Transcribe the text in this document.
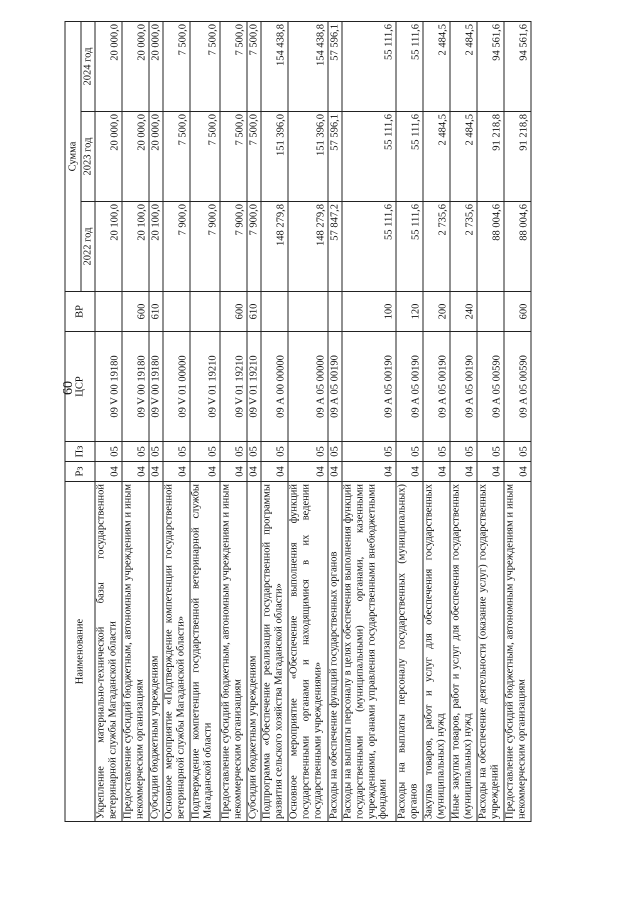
60
Наименование	Рз	Пз	ЦСР	ВР	Сумма		
					2022 год	2023 год	2024 год
Укрепление материально-технической базы государственной ветеринарной службы Магаданской области	04	05	09 V 00 19180		20 100,0	20 000,0	20 000,0
Предоставление субсидий бюджетным, автономным учреждениям и иным некоммерческим организациям	04	05	09 V 00 19180	600	20 100,0	20 000,0	20 000,0
Субсидии бюджетным учреждениям	04	05	09 V 00 19180	610	20 100,0	20 000,0	20 000,0
Основное мероприятие «Подтверждение компетенции государственной ветеринарной службы Магаданской области»	04	05	09 V 01 00000		7 900,0	7 500,0	7 500,0
Подтверждение компетенции государственной ветеринарной службы Магаданской области	04	05	09 V 01 19210		7 900,0	7 500,0	7 500,0
Предоставление субсидий бюджетным, автономным учреждениям и иным некоммерческим организациям	04	05	09 V 01 19210	600	7 900,0	7 500,0	7 500,0
Субсидии бюджетным учреждениям	04	05	09 V 01 19210	610	7 900,0	7 500,0	7 500,0
Подпрограмма «Обеспечение реализации государственной программы развития сельского хозяйства Магаданской области»	04	05	09 А 00 00000		148 279,8	151 396,0	154 438,8
Основное мероприятие «Обеспечение выполнения функций государственными органами и находящимися в их ведении государственными учреждениями»	04	05	09 А 05 00000		148 279,8	151 396,0	154 438,8
Расходы на обеспечение функций государственных органов	04	05	09 А 05 00190		57 847,2	57 596,1	57 596,1
Расходы на выплаты персоналу в целях обеспечения выполнения функций государственными (муниципальными) органами, казенными учреждениями, органами управления государственными внебюджетными фондами	04	05	09 А 05 00190	100	55 111,6	55 111,6	55 111,6
Расходы на выплаты персоналу государственных (муниципальных) органов	04	05	09 А 05 00190	120	55 111,6	55 111,6	55 111,6
Закупка товаров, работ и услуг для обеспечения государственных (муниципальных) нужд	04	05	09 А 05 00190	200	2 735,6	2 484,5	2 484,5
Иные закупки товаров, работ и услуг для обеспечения государственных (муниципальных) нужд	04	05	09 А 05 00190	240	2 735,6	2 484,5	2 484,5
Расходы на обеспечение деятельности (оказание услуг) государственных учреждений	04	05	09 А 05 00590		88 004,6	91 218,8	94 561,6
Предоставление субсидий бюджетным, автономным учреждениям и иным некоммерческим организациям	04	05	09 А 05 00590	600	88 004,6	91 218,8	94 561,6
